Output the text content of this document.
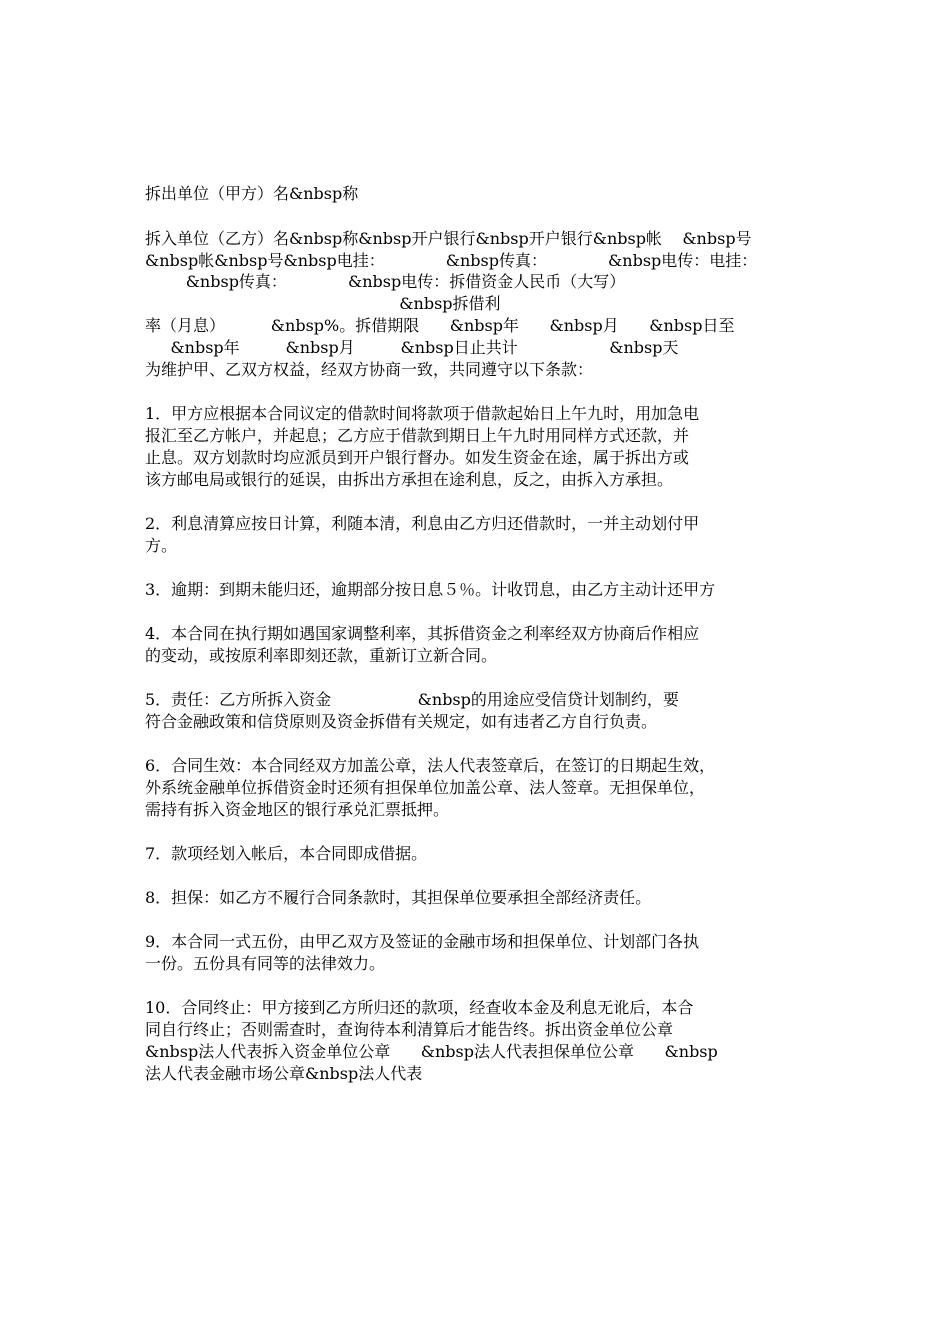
拆出单位（甲方）名&nbsp称
拆入单位（乙方）名&nbsp称&nbsp开户银行&nbsp开户银行&nbsp帐    &nbsp号
&nbsp帐&nbsp号&nbsp电挂：            &nbsp传真：            &nbsp电传：电挂：
&nbsp传真：            &nbsp电传：拆借资金人民币（大写）
&nbsp拆借利
率（月息）         &nbsp%。拆借期限      &nbsp年      &nbsp月      &nbsp日至
&nbsp年         &nbsp月         &nbsp日止共计                  &nbsp天
为维护甲、乙双方权益，经双方协商一致，共同遵守以下条款：
1．甲方应根据本合同议定的借款时间将款项于借款起始日上午九时，用加急电
报汇至乙方帐户，并起息；乙方应于借款到期日上午九时用同样方式还款，并
止息。双方划款时均应派员到开户银行督办。如发生资金在途，属于拆出方或
该方邮电局或银行的延误，由拆出方承担在途利息，反之，由拆入方承担。
2．利息清算应按日计算，利随本清，利息由乙方归还借款时，一并主动划付甲
方。
3．逾期：到期未能归还，逾期部分按日息５％。计收罚息，由乙方主动计还甲方
4．本合同在执行期如遇国家调整利率，其拆借资金之利率经双方协商后作相应
的变动，或按原利率即刻还款，重新订立新合同。
5．责任：乙方所拆入资金                 &nbsp的用途应受信贷计划制约，要
符合金融政策和信贷原则及资金拆借有关规定，如有违者乙方自行负责。
6．合同生效：本合同经双方加盖公章，法人代表签章后，在签订的日期起生效，
外系统金融单位拆借资金时还须有担保单位加盖公章、法人签章。无担保单位，
需持有拆入资金地区的银行承兑汇票抵押。
7．款项经划入帐后，本合同即成借据。
8．担保：如乙方不履行合同条款时，其担保单位要承担全部经济责任。
9．本合同一式五份，由甲乙双方及签证的金融市场和担保单位、计划部门各执
一份。五份具有同等的法律效力。
10．合同终止：甲方接到乙方所归还的款项，经查收本金及利息无讹后，本合
同自行终止；否则需查时，查询待本利清算后才能告终。拆出资金单位公章
&nbsp法人代表拆入资金单位公章      &nbsp法人代表担保单位公章      &nbsp
法人代表金融市场公章&nbsp法人代表
